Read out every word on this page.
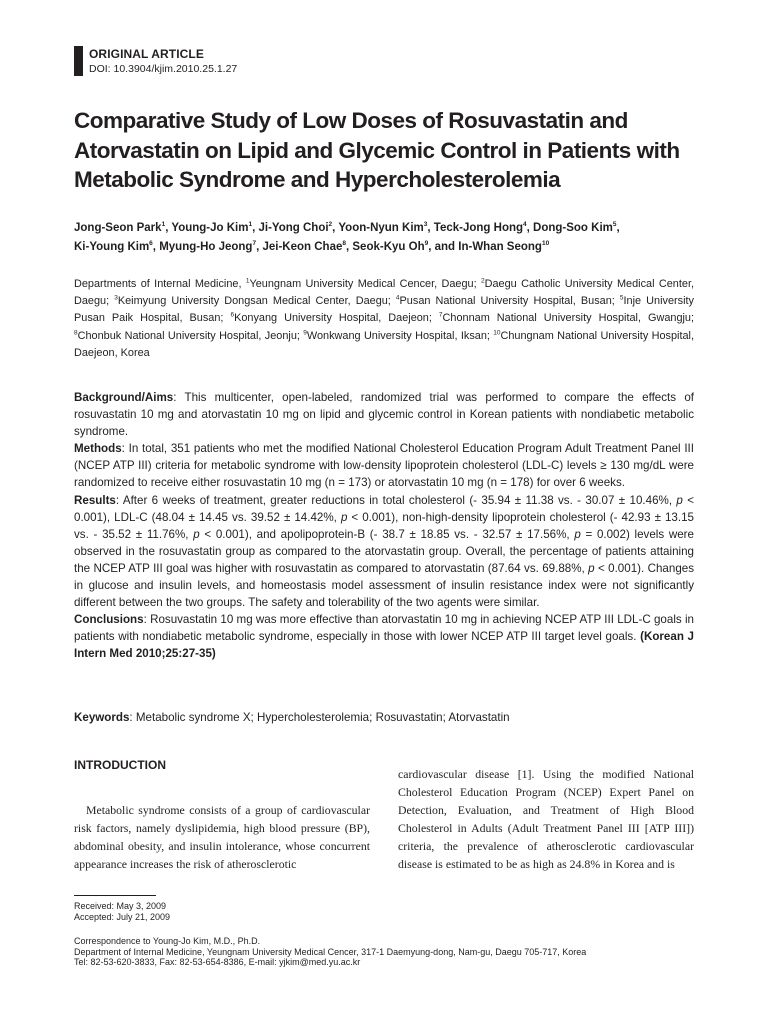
ORIGINAL ARTICLE
DOI: 10.3904/kjim.2010.25.1.27
Comparative Study of Low Doses of Rosuvastatin and Atorvastatin on Lipid and Glycemic Control in Patients with Metabolic Syndrome and Hypercholesterolemia
Jong-Seon Park$^1$, Young-Jo Kim$^1$, Ji-Yong Choi$^2$, Yoon-Nyun Kim$^3$, Teck-Jong Hong$^4$, Dong-Soo Kim$^5$,
Ki-Young Kim$^6$, Myung-Ho Jeong$^7$, Jei-Keon Chae$^8$, Seok-Kyu Oh$^9$, and In-Whan Seong$^{10}$
Departments of Internal Medicine, $^1$Yeungnam University Medical Cencer, Daegu; $^2$Daegu Catholic University Medical Center, Daegu; $^3$Keimyung University Dongsan Medical Center, Daegu; $^4$Pusan National University Hospital, Busan; $^5$Inje University Pusan Paik Hospital, Busan; $^6$Konyang University Hospital, Daejeon; $^7$Chonnam National University Hospital, Gwangju; $^8$Chonbuk National University Hospital, Jeonju; $^9$Wonkwang University Hospital, Iksan; $^{10}$Chungnam National University Hospital, Daejeon, Korea

Background/Aims: This multicenter, open-labeled, randomized trial was performed to compare the effects of rosuvastatin 10 mg and atorvastatin 10 mg on lipid and glycemic control in Korean patients with nondiabetic metabolic syndrome.

Methods: In total, 351 patients who met the modified National Cholesterol Education Program Adult Treatment Panel III (NCEP ATP III) criteria for metabolic syndrome with low-density lipoprotein cholesterol (LDL-C) levels ≥ 130 mg/dL were randomized to receive either rosuvastatin 10 mg (n = 173) or atorvastatin 10 mg (n = 178) for over 6 weeks.

Results: After 6 weeks of treatment, greater reductions in total cholesterol (- 35.94 ± 11.38 vs. - 30.07 ± 10.46%, p < 0.001), LDL-C (48.04 ± 14.45 vs. 39.52 ± 14.42%, p < 0.001), non-high-density lipoprotein cholesterol (- 42.93 ± 13.15 vs. - 35.52 ± 11.76%, p < 0.001), and apolipoprotein-B (- 38.7 ± 18.85 vs. - 32.57 ± 17.56%, p = 0.002) levels were observed in the rosuvastatin group as compared to the atorvastatin group. Overall, the percentage of patients attaining the NCEP ATP III goal was higher with rosuvastatin as compared to atorvastatin (87.64 vs. 69.88%, p < 0.001). Changes in glucose and insulin levels, and homeostasis model assessment of insulin resistance index were not significantly different between the two groups. The safety and tolerability of the two agents were similar.

Conclusions: Rosuvastatin 10 mg was more effective than atorvastatin 10 mg in achieving NCEP ATP III LDL-C goals in patients with nondiabetic metabolic syndrome, especially in those with lower NCEP ATP III target level goals. (Korean J Intern Med 2010;25:27-35)

Keywords: Metabolic syndrome X; Hypercholesterolemia; Rosuvastatin; Atorvastatin
INTRODUCTION
Metabolic syndrome consists of a group of cardiovascular risk factors, namely dyslipidemia, high blood pressure (BP), abdominal obesity, and insulin intolerance, whose concurrent appearance increases the risk of atherosclerotic
cardiovascular disease [1]. Using the modified National Cholesterol Education Program (NCEP) Expert Panel on Detection, Evaluation, and Treatment of High Blood Cholesterol in Adults (Adult Treatment Panel III [ATP III]) criteria, the prevalence of atherosclerotic cardiovascular disease is estimated to be as high as 24.8% in Korea and is
Received: May 3, 2009
Accepted: July 21, 2009
Correspondence to Young-Jo Kim, M.D., Ph.D.
Department of Internal Medicine, Yeungnam University Medical Cencer, 317-1 Daemyung-dong, Nam-gu, Daegu 705-717, Korea
Tel: 82-53-620-3833, Fax: 82-53-654-8386, E-mail: yjkim@med.yu.ac.kr
